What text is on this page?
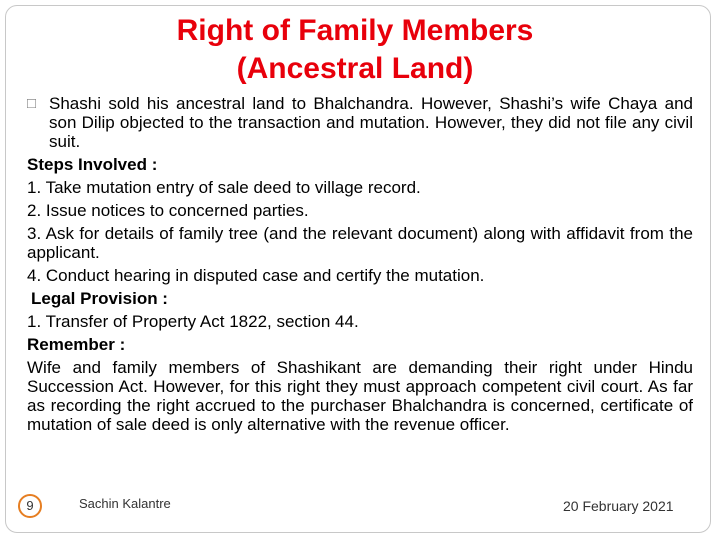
Right of Family Members
(Ancestral Land)
□ Shashi sold his ancestral land to Bhalchandra. However, Shashi’s wife Chaya and son Dilip objected to the transaction and mutation. However, they did not file any civil suit.
Steps Involved :
1. Take mutation entry of sale deed to village record.
2. Issue notices to concerned parties.
3. Ask for details of family tree (and the relevant document) along with affidavit from the applicant.
4. Conduct hearing in disputed case and certify the mutation.
Legal Provision :
1. Transfer of Property Act 1822, section 44.
Remember :
Wife and family members of Shashikant are demanding their right under Hindu Succession Act. However, for this right they must approach competent civil court. As far as recording the right accrued to the purchaser Bhalchandra is concerned, certificate of mutation of sale deed is only alternative with the revenue officer.
9	Sachin Kalantre	20 February 2021
